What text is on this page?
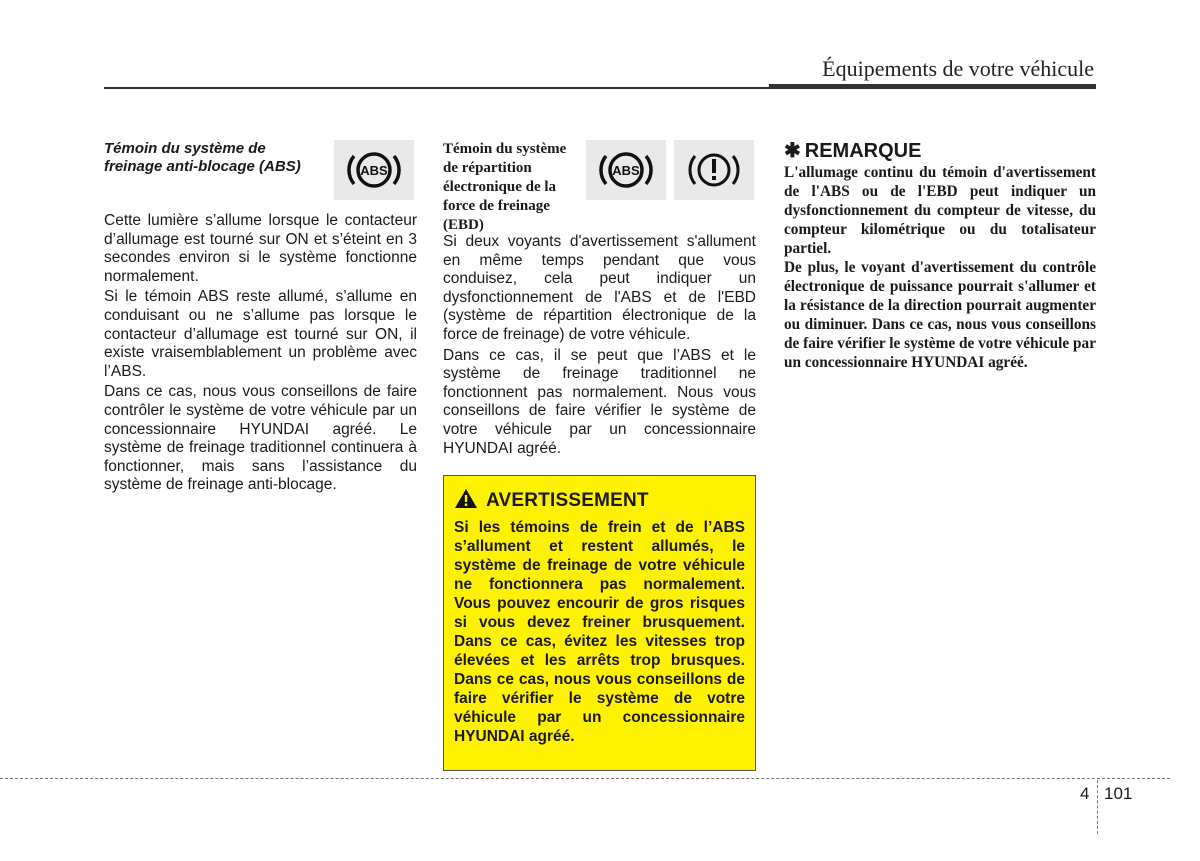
Équipements de votre véhicule
Témoin du système de freinage anti-blocage (ABS)	ABS

Cette lumière s’allume lorsque le contacteur d’allumage est tourné sur ON et s’éteint en 3 secondes environ si le système fonctionne normalement.

Si le témoin ABS reste allumé, s’allume en conduisant ou ne s’allume pas lorsque le contacteur d’allumage est tourné sur ON, il existe vraisemblablement un problème avec l’ABS.

Dans ce cas, nous vous conseillons de faire contrôler le système de votre véhicule par un concessionnaire HYUNDAI agréé. Le système de freinage traditionnel continuera à fonctionner, mais sans l’assistance du système de freinage anti-blocage.

Témoin du système de répartition électronique de la force de freinage (EBD)
ABS

Si deux voyants d'avertissement s'allument en même temps pendant que vous conduisez, cela peut indiquer un dysfonctionnement de l'ABS et de l'EBD (système de répartition électronique de la force de freinage) de votre véhicule.

Dans ce cas, il se peut que l’ABS et le système de freinage traditionnel ne fonctionnent pas normalement. Nous vous conseillons de faire vérifier le système de votre véhicule par un concessionnaire HYUNDAI agréé.

AVERTISSEMENT

Si les témoins de frein et de l’ABS s’allument et restent allumés, le système de freinage de votre véhicule ne fonctionnera pas normalement. Vous pouvez encourir de gros risques si vous devez freiner brusquement. Dans ce cas, évitez les vitesses trop élevées et les arrêts trop brusques. Dans ce cas, nous vous conseillons de faire vérifier le système de votre véhicule par un concessionnaire HYUNDAI agréé.

✱ REMARQUE

L'allumage continu du témoin d'avertissement de l'ABS ou de l'EBD peut indiquer un dysfonctionnement du compteur de vitesse, du compteur kilométrique ou du totalisateur partiel.

De plus, le voyant d'avertissement du contrôle électronique de puissance pourrait s'allumer et la résistance de la direction pourrait augmenter ou diminuer. Dans ce cas, nous vous conseillons de faire vérifier le système de votre véhicule par un concessionnaire HYUNDAI agréé.

4 101
